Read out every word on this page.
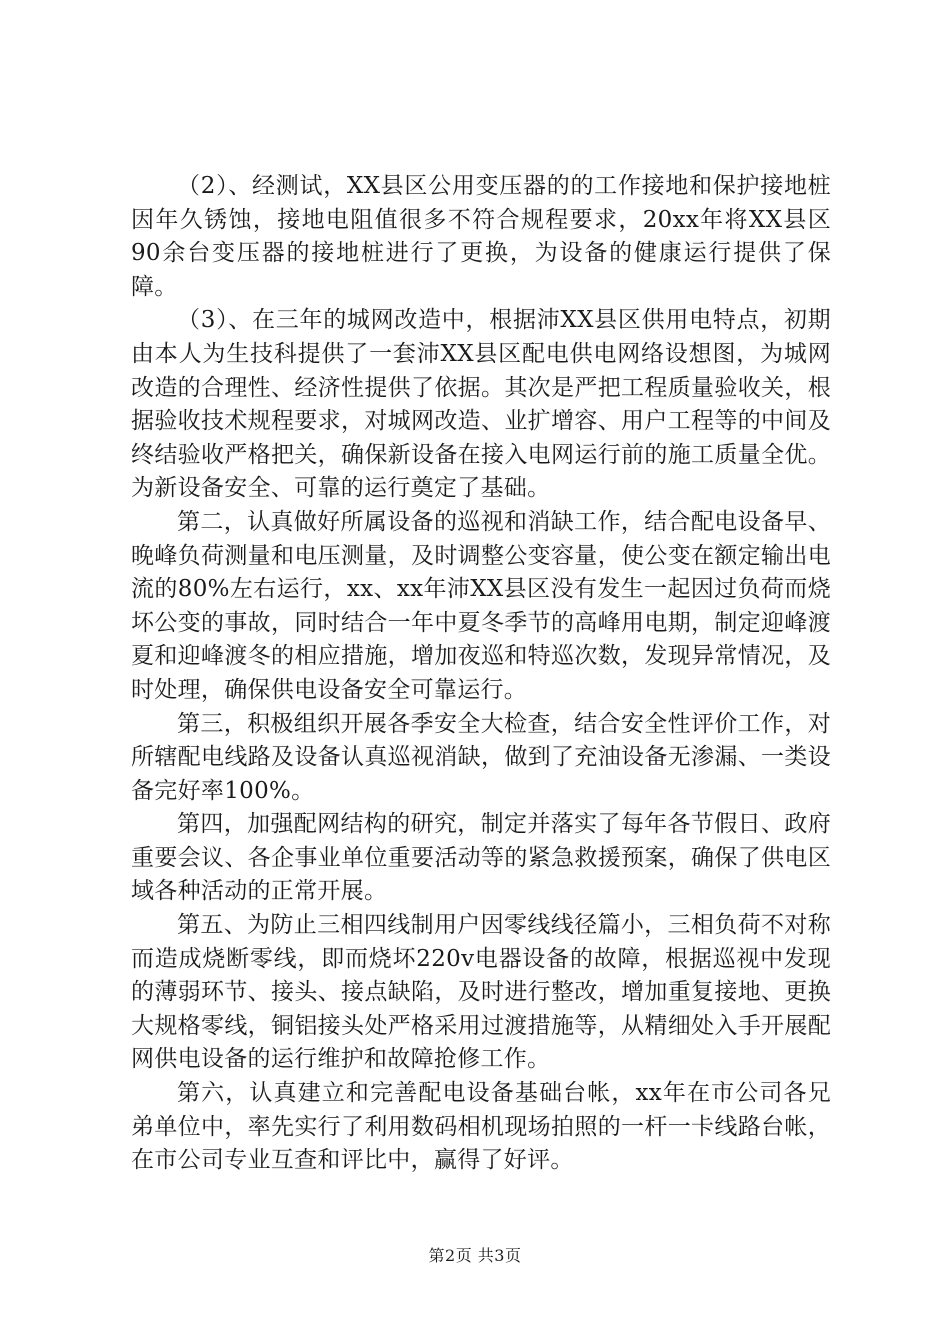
（2）、经测试，XX县区公用变压器的的工作接地和保护接地桩因年久锈蚀，接地电阻值很多不符合规程要求，20xx年将XX县区90余台变压器的接地桩进行了更换，为设备的健康运行提供了保障。

（3）、在三年的城网改造中，根据沛XX县区供用电特点，初期由本人为生技科提供了一套沛XX县区配电供电网络设想图，为城网改造的合理性、经济性提供了依据。其次是严把工程质量验收关，根据验收技术规程要求，对城网改造、业扩增容、用户工程等的中间及终结验收严格把关，确保新设备在接入电网运行前的施工质量全优。为新设备安全、可靠的运行奠定了基础。

第二，认真做好所属设备的巡视和消缺工作，结合配电设备早、晚峰负荷测量和电压测量，及时调整公变容量，使公变在额定输出电流的80%左右运行，xx、xx年沛XX县区没有发生一起因过负荷而烧坏公变的事故，同时结合一年中夏冬季节的高峰用电期，制定迎峰渡夏和迎峰渡冬的相应措施，增加夜巡和特巡次数，发现异常情况，及时处理，确保供电设备安全可靠运行。

第三，积极组织开展各季安全大检查，结合安全性评价工作，对所辖配电线路及设备认真巡视消缺，做到了充油设备无渗漏、一类设备完好率100%。

第四，加强配网结构的研究，制定并落实了每年各节假日、政府重要会议、各企事业单位重要活动等的紧急救援预案，确保了供电区域各种活动的正常开展。

第五、为防止三相四线制用户因零线线径篇小，三相负荷不对称而造成烧断零线，即而烧坏220v电器设备的故障，根据巡视中发现的薄弱环节、接头、接点缺陷，及时进行整改，增加重复接地、更换大规格零线，铜铝接头处严格采用过渡措施等，从精细处入手开展配网供电设备的运行维护和故障抢修工作。

第六，认真建立和完善配电设备基础台帐，xx年在市公司各兄弟单位中，率先实行了利用数码相机现场拍照的一杆一卡线路台帐，在市公司专业互查和评比中，赢得了好评。

第2页 共3页
